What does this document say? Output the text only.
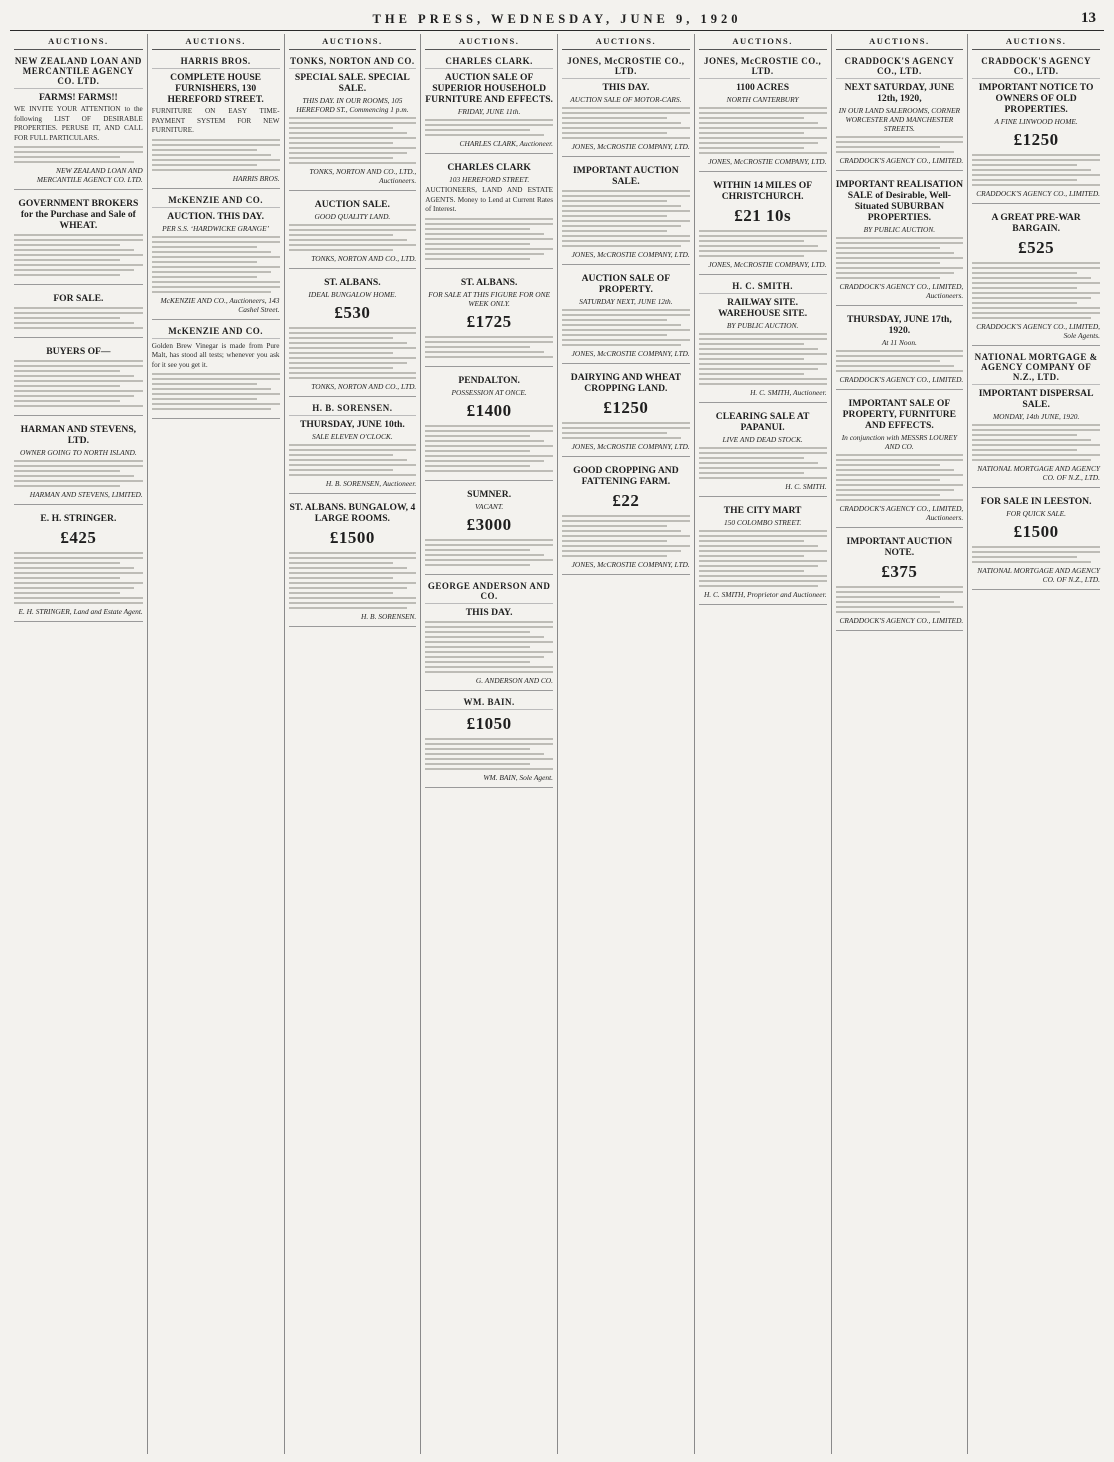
THE PRESS, WEDNESDAY, JUNE 9, 1920	13
AUCTIONS.
NEW ZEALAND LOAN AND MERCANTILE AGENCY CO. LTD.
FARMS! FARMS!!
WE INVITE YOUR ATTENTION to the following LIST OF DESIRABLE PROPERTIES. PERUSE IT, AND CALL FOR FULL PARTICULARS.
NEW ZEALAND LOAN AND MERCANTILE AGENCY CO. LTD.
GOVERNMENT BROKERS for the Purchase and Sale of WHEAT.
FOR SALE.
BUYERS OF—
HARMAN AND STEVENS, LTD.
OWNER GOING TO NORTH ISLAND.
HARMAN AND STEVENS, LIMITED.
E. H. STRINGER.
£425
E. H. STRINGER, Land and Estate Agent.
AUCTIONS.
HARRIS BROS.
COMPLETE HOUSE FURNISHERS, 130 HEREFORD STREET.
FURNITURE ON EASY TIME-PAYMENT SYSTEM FOR NEW FURNITURE.
HARRIS BROS.
McKENZIE AND CO.
AUCTION. THIS DAY.
PER S.S. ‘HARDWICKE GRANGE’
McKENZIE AND CO., Auctioneers, 143 Cashel Street.
McKENZIE AND CO.
Golden Brew Vinegar is made from Pure Malt, has stood all tests; whenever you ask for it see you get it.
AUCTIONS.
TONKS, NORTON AND CO.
SPECIAL SALE. SPECIAL SALE.
THIS DAY. IN OUR ROOMS, 105 HEREFORD ST., Commencing 1 p.m.
TONKS, NORTON AND CO., LTD., Auctioneers.
AUCTION SALE.
GOOD QUALITY LAND.
TONKS, NORTON AND CO., LTD.
ST. ALBANS.
IDEAL BUNGALOW HOME.
£530
TONKS, NORTON AND CO., LTD.
H. B. SORENSEN.
THURSDAY, JUNE 10th.
SALE ELEVEN O'CLOCK.
H. B. SORENSEN, Auctioneer.
ST. ALBANS. BUNGALOW, 4 LARGE ROOMS.
£1500
H. B. SORENSEN.
AUCTIONS.
CHARLES CLARK.
AUCTION SALE OF SUPERIOR HOUSEHOLD FURNITURE AND EFFECTS.
FRIDAY, JUNE 11th.
CHARLES CLARK, Auctioneer.
CHARLES CLARK
103 HEREFORD STREET.
AUCTIONEERS, LAND AND ESTATE AGENTS. Money to Lend at Current Rates of Interest.
ST. ALBANS.
FOR SALE AT THIS FIGURE FOR ONE WEEK ONLY.
£1725
PENDALTON.
POSSESSION AT ONCE.
£1400
SUMNER.
VACANT.
£3000
GEORGE ANDERSON AND CO.
THIS DAY.
G. ANDERSON AND CO.
WM. BAIN.
£1050
WM. BAIN, Sole Agent.
AUCTIONS.
JONES, McCROSTIE CO., LTD.
THIS DAY.
AUCTION SALE OF MOTOR-CARS.
JONES, McCROSTIE COMPANY, LTD.
IMPORTANT AUCTION SALE.
JONES, McCROSTIE COMPANY, LTD.
AUCTION SALE OF PROPERTY.
SATURDAY NEXT, JUNE 12th.
JONES, McCROSTIE COMPANY, LTD.
DAIRYING AND WHEAT CROPPING LAND.
£1250
JONES, McCROSTIE COMPANY, LTD.
GOOD CROPPING AND FATTENING FARM.
£22
JONES, McCROSTIE COMPANY, LTD.
AUCTIONS.
JONES, McCROSTIE CO., LTD.
1100 ACRES
NORTH CANTERBURY
JONES, McCROSTIE COMPANY, LTD.
WITHIN 14 MILES OF CHRISTCHURCH.
£21 10s
JONES, McCROSTIE COMPANY, LTD.
H. C. SMITH.
RAILWAY SITE. WAREHOUSE SITE.
BY PUBLIC AUCTION.
H. C. SMITH, Auctioneer.
CLEARING SALE AT PAPANUI.
LIVE AND DEAD STOCK.
H. C. SMITH.
THE CITY MART
150 COLOMBO STREET.
H. C. SMITH, Proprietor and Auctioneer.
AUCTIONS.
CRADDOCK'S AGENCY CO., LTD.
NEXT SATURDAY, JUNE 12th, 1920,
IN OUR LAND SALEROOMS, CORNER WORCESTER AND MANCHESTER STREETS.
CRADDOCK'S AGENCY CO., LIMITED.
IMPORTANT REALISATION SALE of Desirable, Well-Situated SUBURBAN PROPERTIES.
BY PUBLIC AUCTION.
CRADDOCK'S AGENCY CO., LIMITED, Auctioneers.
THURSDAY, JUNE 17th, 1920.
At 11 Noon.
CRADDOCK'S AGENCY CO., LIMITED.
IMPORTANT SALE OF PROPERTY, FURNITURE AND EFFECTS.
In conjunction with MESSRS LOUREY AND CO.
CRADDOCK'S AGENCY CO., LIMITED, Auctioneers.
IMPORTANT AUCTION NOTE.
£375
CRADDOCK'S AGENCY CO., LIMITED.
AUCTIONS.
CRADDOCK'S AGENCY CO., LTD.
IMPORTANT NOTICE TO OWNERS OF OLD PROPERTIES.
A FINE LINWOOD HOME.
£1250
CRADDOCK'S AGENCY CO., LIMITED.
A GREAT PRE-WAR BARGAIN.
£525
CRADDOCK'S AGENCY CO., LIMITED, Sole Agents.
NATIONAL MORTGAGE & AGENCY COMPANY OF N.Z., LTD.
IMPORTANT DISPERSAL SALE.
MONDAY, 14th JUNE, 1920.
NATIONAL MORTGAGE AND AGENCY CO. OF N.Z., LTD.
FOR SALE IN LEESTON.
FOR QUICK SALE.
£1500
NATIONAL MORTGAGE AND AGENCY CO. OF N.Z., LTD.
